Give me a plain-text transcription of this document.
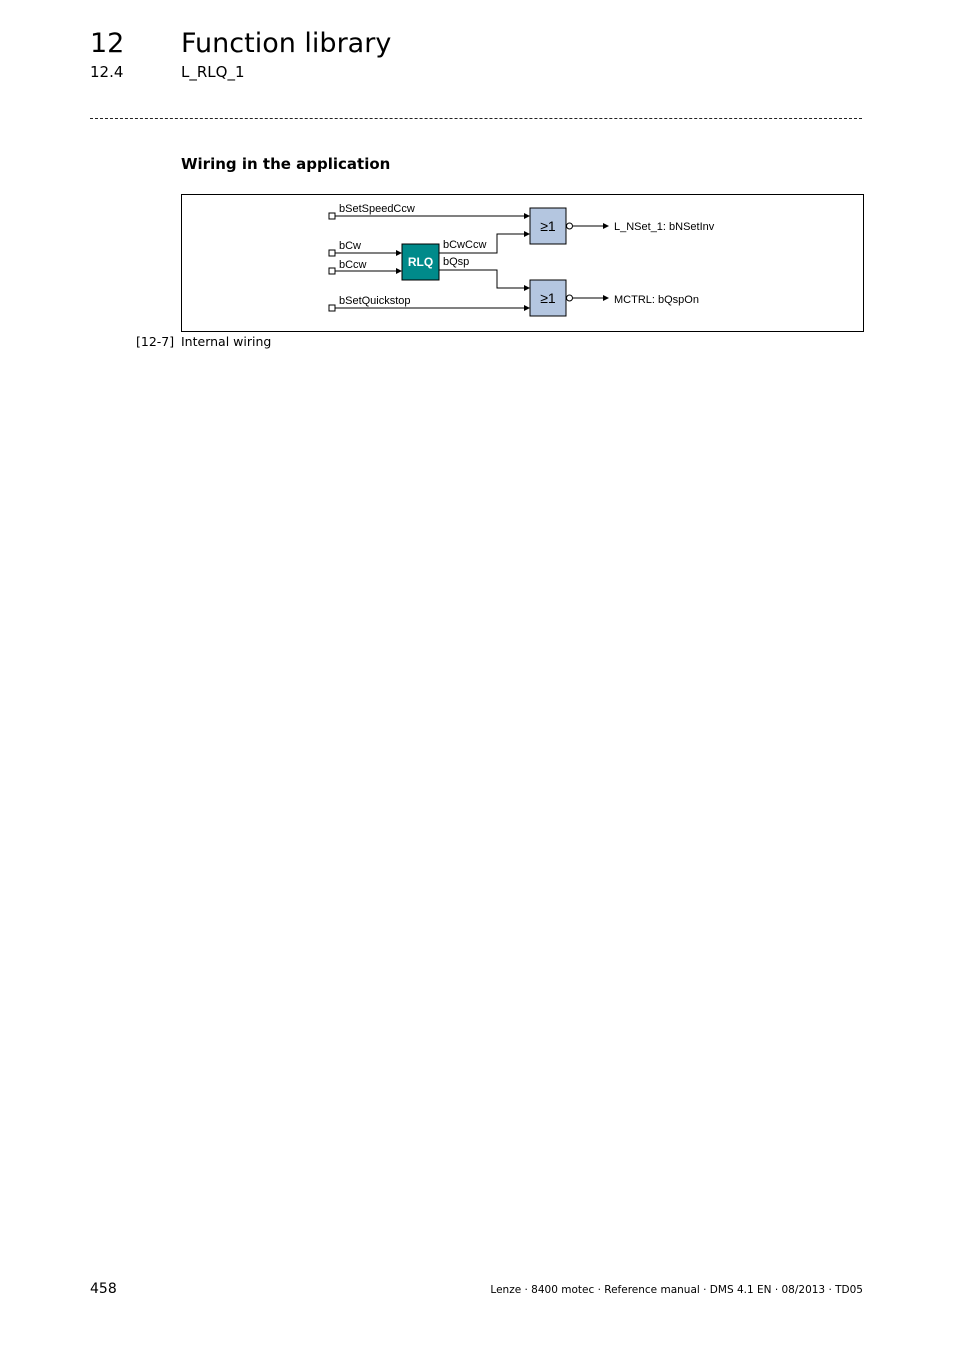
12 Function library
12.4	L_RLQ_1
Wiring in the application
bSetSpeedCcw
bCw
bCcw
bSetQuickstop
RLQ
bCwCcw
bQsp
≥1
≥1
L_NSet_1: bNSetInv
MCTRL: bQspOn
[12-7] Internal wiring
458	Lenze · 8400 motec · Reference manual · DMS 4.1 EN · 08/2013 · TD05
